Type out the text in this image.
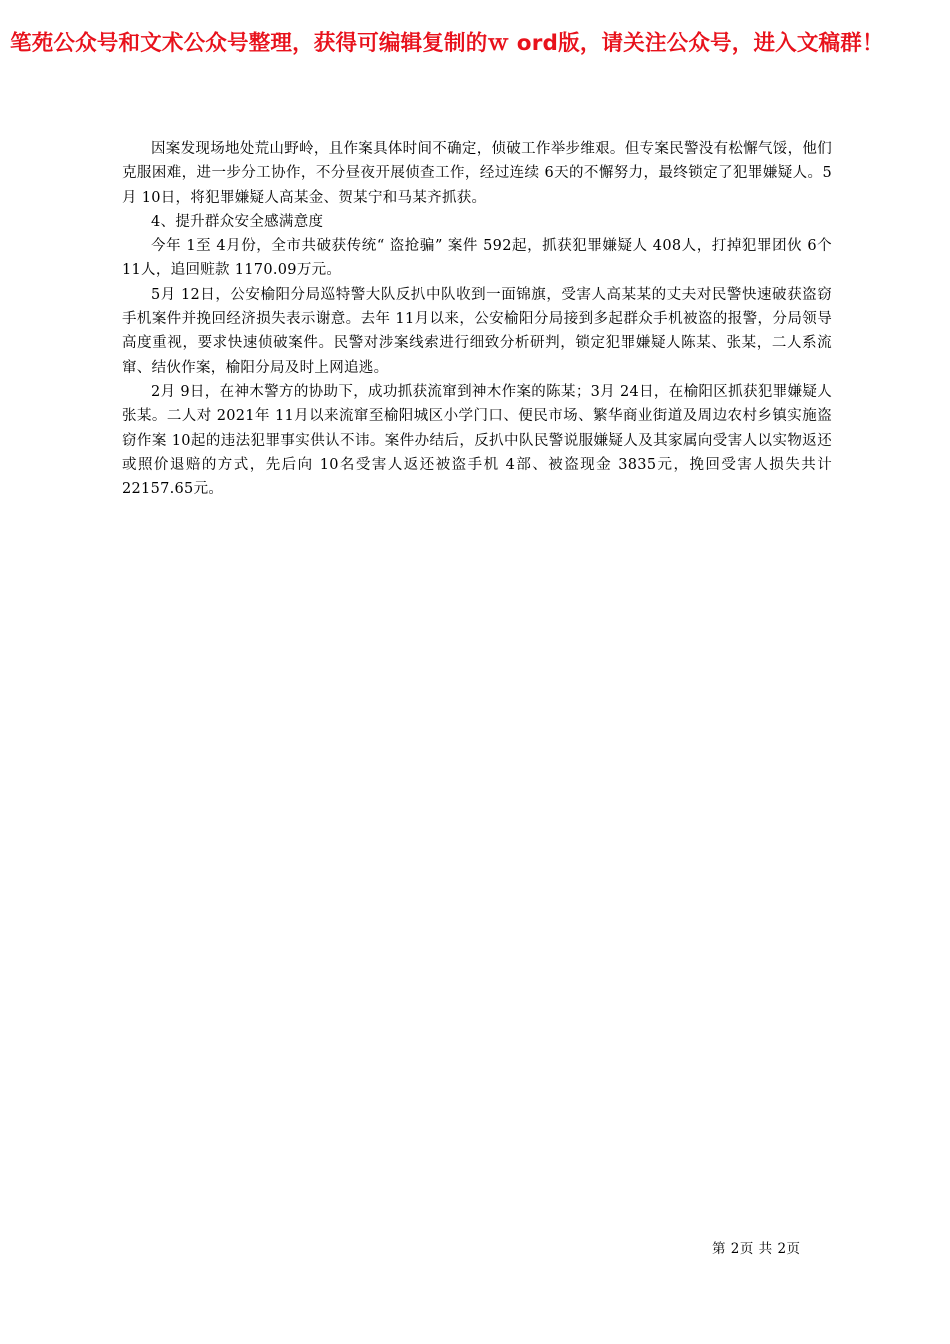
笔苑公众号和文术公众号整理，获得可编辑复制的ｗ ord版，请关注公众号，进入文稿群！

因案发现场地处荒山野岭，且作案具体时间不确定，侦破工作举步维艰。但专案民警没有松懈气馁，他们克服困难，进一步分工协作，不分昼夜开展侦查工作，经过连续 6天的不懈努力，最终锁定了犯罪嫌疑人。5月 10日，将犯罪嫌疑人高某金、贺某宁和马某齐抓获。

4、提升群众安全感满意度

今年 1至 4月份，全市共破获传统“ 盗抢骗” 案件 592起，抓获犯罪嫌疑人 408人，打掉犯罪团伙 6个 11人，追回赃款 1170.09万元。

5月 12日，公安榆阳分局巡特警大队反扒中队收到一面锦旗，受害人高某某的丈夫对民警快速破获盗窃手机案件并挽回经济损失表示谢意。去年 11月以来，公安榆阳分局接到多起群众手机被盗的报警，分局领导高度重视，要求快速侦破案件。民警对涉案线索进行细致分析研判，锁定犯罪嫌疑人陈某、张某，二人系流窜、结伙作案，榆阳分局及时上网追逃。

2月 9日，在神木警方的协助下，成功抓获流窜到神木作案的陈某；3月 24日，在榆阳区抓获犯罪嫌疑人张某。二人对 2021年 11月以来流窜至榆阳城区小学门口、便民市场、繁华商业街道及周边农村乡镇实施盗窃作案 10起的违法犯罪事实供认不讳。案件办结后，反扒中队民警说服嫌疑人及其家属向受害人以实物返还或照价退赔的方式，先后向 10名受害人返还被盗手机 4部、被盗现金 3835元，挽回受害人损失共计 22157.65元。

第 2页 共 2页
